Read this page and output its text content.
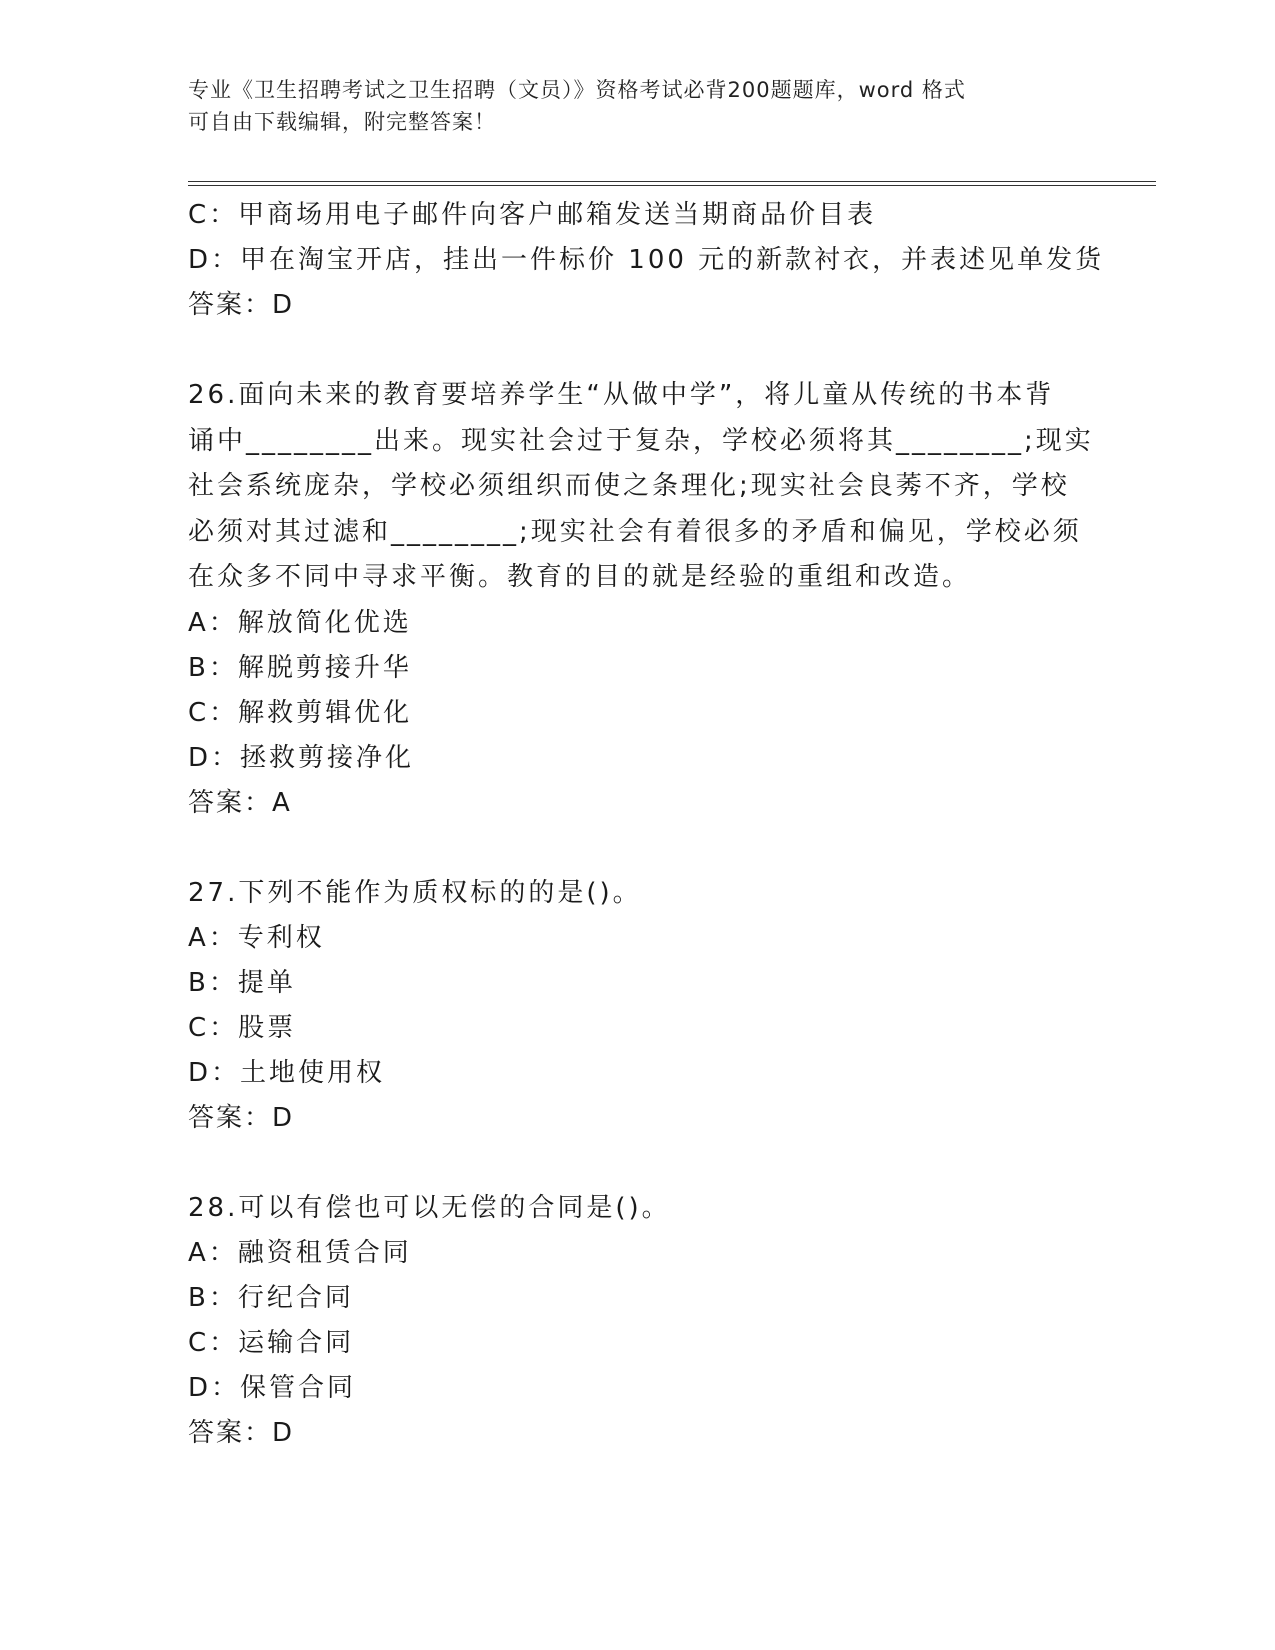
专业《卫生招聘考试之卫生招聘（文员）》资格考试必背200题题库，word 格式
可自由下载编辑，附完整答案！
C：甲商场用电子邮件向客户邮箱发送当期商品价目表
D：甲在淘宝开店，挂出一件标价 100 元的新款衬衣，并表述见单发货
答案：D
26.面向未来的教育要培养学生“从做中学”，将儿童从传统的书本背
诵中________出来。现实社会过于复杂，学校必须将其________;现实
社会系统庞杂，学校必须组织而使之条理化;现实社会良莠不齐，学校
必须对其过滤和________;现实社会有着很多的矛盾和偏见，学校必须
在众多不同中寻求平衡。教育的目的就是经验的重组和改造。
A：解放简化优选
B：解脱剪接升华
C：解救剪辑优化
D：拯救剪接净化
答案：A
27.下列不能作为质权标的的是()。
A：专利权
B：提单
C：股票
D：土地使用权
答案：D
28.可以有偿也可以无偿的合同是()。
A：融资租赁合同
B：行纪合同
C：运输合同
D：保管合同
答案：D
